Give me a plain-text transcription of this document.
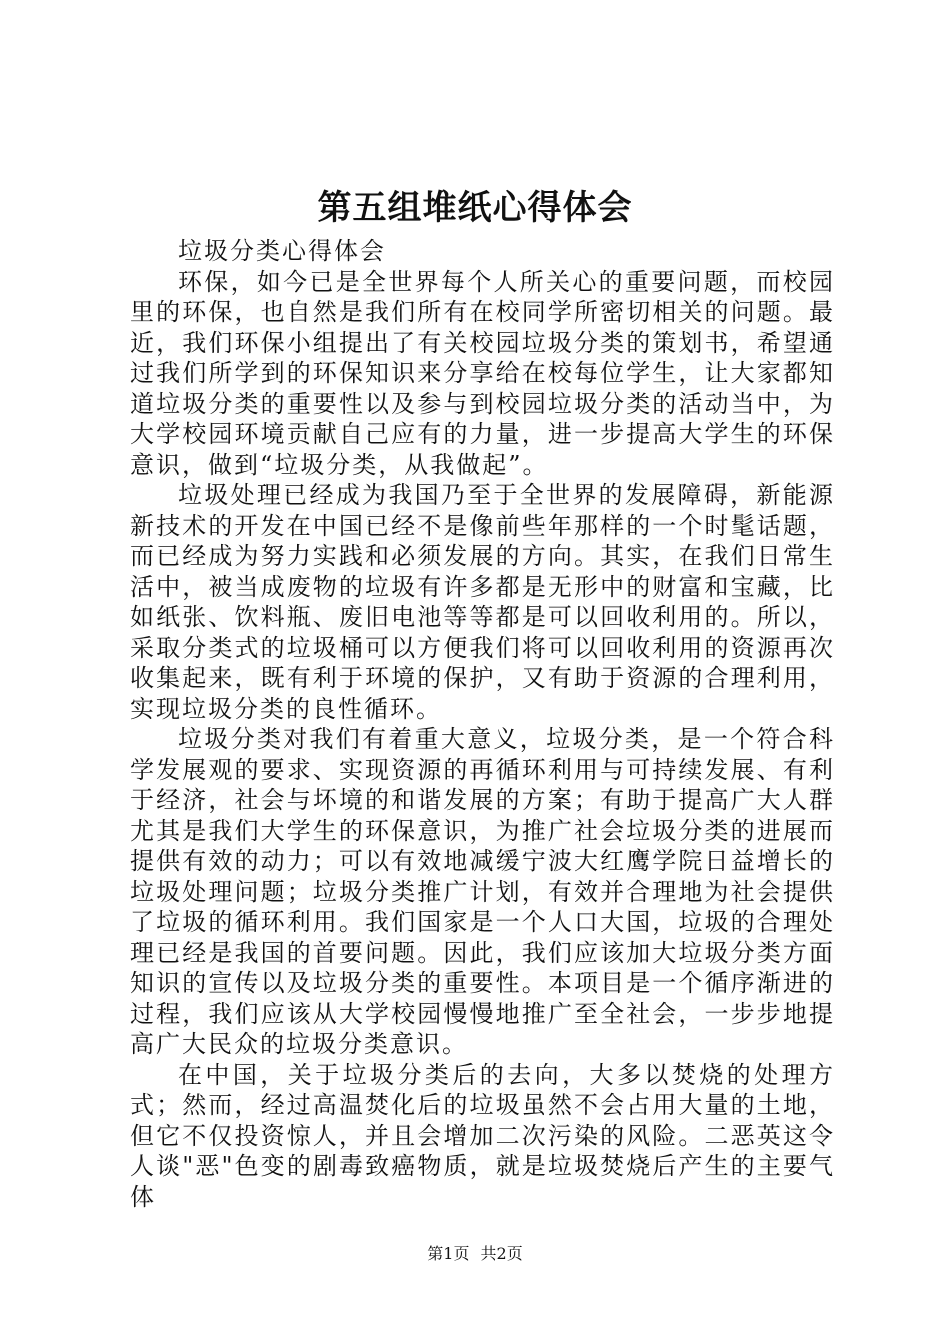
第五组堆纸心得体会

垃圾分类心得体会

环保，如今已是全世界每个人所关心的重要问题，而校园里的环保，也自然是我们所有在校同学所密切相关的问题。最近，我们环保小组提出了有关校园垃圾分类的策划书，希望通过我们所学到的环保知识来分享给在校每位学生，让大家都知道垃圾分类的重要性以及参与到校园垃圾分类的活动当中，为大学校园环境贡献自己应有的力量，进一步提高大学生的环保意识，做到“垃圾分类，从我做起”。

垃圾处理已经成为我国乃至于全世界的发展障碍，新能源新技术的开发在中国已经不是像前些年那样的一个时髦话题，而已经成为努力实践和必须发展的方向。其实，在我们日常生活中，被当成废物的垃圾有许多都是无形中的财富和宝藏，比如纸张、饮料瓶、废旧电池等等都是可以回收利用的。所以，采取分类式的垃圾桶可以方便我们将可以回收利用的资源再次收集起来，既有利于环境的保护，又有助于资源的合理利用，实现垃圾分类的良性循环。

垃圾分类对我们有着重大意义，垃圾分类，是一个符合科学发展观的要求、实现资源的再循环利用与可持续发展、有利于经济，社会与坏境的和谐发展的方案；有助于提高广大人群尤其是我们大学生的环保意识，为推广社会垃圾分类的进展而提供有效的动力；可以有效地减缓宁波大红鹰学院日益增长的垃圾处理问题；垃圾分类推广计划，有效并合理地为社会提供了垃圾的循环利用。我们国家是一个人口大国，垃圾的合理处理已经是我国的首要问题。因此，我们应该加大垃圾分类方面知识的宣传以及垃圾分类的重要性。本项目是一个循序渐进的过程，我们应该从大学校园慢慢地推广至全社会，一步步地提高广大民众的垃圾分类意识。

在中国，关于垃圾分类后的去向，大多以焚烧的处理方式；然而，经过高温焚化后的垃圾虽然不会占用大量的土地，但它不仅投资惊人，并且会增加二次污染的风险。二恶英这令人谈"恶"色变的剧毒致癌物质，就是垃圾焚烧后产生的主要气体

第1页 共2页
